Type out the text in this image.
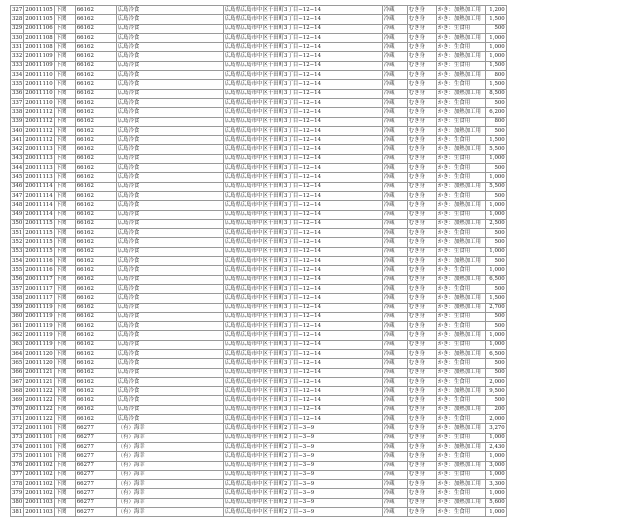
327	20011105	下関	66162	広島冷食	広島県広島市中区千田町3丁目−12−14	冷蔵	むき身	かき：加熱加工用	1,200
328	20011105	下関	66162	広島冷食	広島県広島市中区千田町3丁目−12−14	冷蔵	むき身	かき：加熱加工用	1,500
329	20011106	下関	66162	広島冷食	広島県広島市中区千田町3丁目−12−14	冷蔵	むき身	かき：生食用	500
330	20011108	下関	66162	広島冷食	広島県広島市中区千田町3丁目−12−14	冷蔵	むき身	かき：加熱加工用	1,000
331	20011108	下関	66162	広島冷食	広島県広島市中区千田町3丁目−12−14	冷蔵	むき身	かき：生食用	1,000
332	20011109	下関	66162	広島冷食	広島県広島市中区千田町3丁目−12−14	冷蔵	むき身	かき：加熱加工用	1,000
333	20011109	下関	66162	広島冷食	広島県広島市中区千田町3丁目−12−14	冷蔵	むき身	かき：生食用	1,500
334	20011110	下関	66162	広島冷食	広島県広島市中区千田町3丁目−12−14	冷蔵	むき身	かき：加熱加工用	800
335	20011110	下関	66162	広島冷食	広島県広島市中区千田町3丁目−12−14	冷蔵	むき身	かき：生食用	1,500
336	20011110	下関	66162	広島冷食	広島県広島市中区千田町3丁目−12−14	冷蔵	むき身	かき：加熱加工用	8,500
337	20011110	下関	66162	広島冷食	広島県広島市中区千田町3丁目−12−14	冷蔵	むき身	かき：生食用	500
338	20011112	下関	66162	広島冷食	広島県広島市中区千田町3丁目−12−14	冷蔵	むき身	かき：加熱加工用	6,200
339	20011112	下関	66162	広島冷食	広島県広島市中区千田町3丁目−12−14	冷蔵	むき身	かき：生食用	800
340	20011112	下関	66162	広島冷食	広島県広島市中区千田町3丁目−12−14	冷蔵	むき身	かき：加熱加工用	500
341	20011112	下関	66162	広島冷食	広島県広島市中区千田町3丁目−12−14	冷蔵	むき身	かき：生食用	1,500
342	20011113	下関	66162	広島冷食	広島県広島市中区千田町3丁目−12−14	冷蔵	むき身	かき：加熱加工用	5,500
343	20011113	下関	66162	広島冷食	広島県広島市中区千田町3丁目−12−14	冷蔵	むき身	かき：生食用	1,000
344	20011113	下関	66162	広島冷食	広島県広島市中区千田町3丁目−12−14	冷蔵	むき身	かき：生食用	500
345	20011113	下関	66162	広島冷食	広島県広島市中区千田町3丁目−12−14	冷蔵	むき身	かき：生食用	1,000
346	20011114	下関	66162	広島冷食	広島県広島市中区千田町3丁目−12−14	冷蔵	むき身	かき：加熱加工用	5,500
347	20011114	下関	66162	広島冷食	広島県広島市中区千田町3丁目−12−14	冷蔵	むき身	かき：生食用	500
348	20011114	下関	66162	広島冷食	広島県広島市中区千田町3丁目−12−14	冷蔵	むき身	かき：加熱加工用	1,000
349	20011114	下関	66162	広島冷食	広島県広島市中区千田町3丁目−12−14	冷蔵	むき身	かき：生食用	1,000
350	20011115	下関	66162	広島冷食	広島県広島市中区千田町3丁目−12−14	冷蔵	むき身	かき：加熱加工用	2,500
351	20011115	下関	66162	広島冷食	広島県広島市中区千田町3丁目−12−14	冷蔵	むき身	かき：生食用	500
352	20011115	下関	66162	広島冷食	広島県広島市中区千田町3丁目−12−14	冷蔵	むき身	かき：加熱加工用	500
353	20011115	下関	66162	広島冷食	広島県広島市中区千田町3丁目−12−14	冷蔵	むき身	かき：生食用	1,000
354	20011116	下関	66162	広島冷食	広島県広島市中区千田町3丁目−12−14	冷蔵	むき身	かき：加熱加工用	500
355	20011116	下関	66162	広島冷食	広島県広島市中区千田町3丁目−12−14	冷蔵	むき身	かき：生食用	1,000
356	20011117	下関	66162	広島冷食	広島県広島市中区千田町3丁目−12−14	冷蔵	むき身	かき：加熱加工用	6,500
357	20011117	下関	66162	広島冷食	広島県広島市中区千田町3丁目−12−14	冷蔵	むき身	かき：生食用	500
358	20011117	下関	66162	広島冷食	広島県広島市中区千田町3丁目−12−14	冷蔵	むき身	かき：加熱加工用	1,500
359	20011119	下関	66162	広島冷食	広島県広島市中区千田町3丁目−12−14	冷蔵	むき身	かき：加熱加工用	2,700
360	20011119	下関	66162	広島冷食	広島県広島市中区千田町3丁目−12−14	冷蔵	むき身	かき：生食用	500
361	20011119	下関	66162	広島冷食	広島県広島市中区千田町3丁目−12−14	冷蔵	むき身	かき：生食用	500
362	20011119	下関	66162	広島冷食	広島県広島市中区千田町3丁目−12−14	冷蔵	むき身	かき：加熱加工用	1,000
363	20011119	下関	66162	広島冷食	広島県広島市中区千田町3丁目−12−14	冷蔵	むき身	かき：生食用	1,000
364	20011120	下関	66162	広島冷食	広島県広島市中区千田町3丁目−12−14	冷蔵	むき身	かき：加熱加工用	6,500
365	20011120	下関	66162	広島冷食	広島県広島市中区千田町3丁目−12−14	冷蔵	むき身	かき：生食用	500
366	20011121	下関	66162	広島冷食	広島県広島市中区千田町3丁目−12−14	冷蔵	むき身	かき：加熱加工用	500
367	20011121	下関	66162	広島冷食	広島県広島市中区千田町3丁目−12−14	冷蔵	むき身	かき：生食用	2,000
368	20011122	下関	66162	広島冷食	広島県広島市中区千田町3丁目−12−14	冷蔵	むき身	かき：加熱加工用	9,500
369	20011122	下関	66162	広島冷食	広島県広島市中区千田町3丁目−12−14	冷蔵	むき身	かき：生食用	500
370	20011122	下関	66162	広島冷食	広島県広島市中区千田町3丁目−12−14	冷蔵	むき身	かき：加熱加工用	200
371	20011122	下関	66162	広島冷食	広島県広島市中区千田町3丁目−12−14	冷蔵	むき身	かき：生食用	2,000
372	20011101	下関	66277	（有）海幸	広島県広島市中区千田町2丁目−3−9	冷蔵	むき身	かき：加熱加工用	3,270
373	20011101	下関	66277	（有）海幸	広島県広島市中区千田町2丁目−3−9	冷蔵	むき身	かき：生食用	1,000
374	20011101	下関	66277	（有）海幸	広島県広島市中区千田町2丁目−3−9	冷蔵	むき身	かき：加熱加工用	2,430
375	20011101	下関	66277	（有）海幸	広島県広島市中区千田町2丁目−3−9	冷蔵	むき身	かき：生食用	1,000
376	20011102	下関	66277	（有）海幸	広島県広島市中区千田町2丁目−3−9	冷蔵	むき身	かき：加熱加工用	3,000
377	20011102	下関	66277	（有）海幸	広島県広島市中区千田町2丁目−3−9	冷蔵	むき身	かき：生食用	1,000
378	20011102	下関	66277	（有）海幸	広島県広島市中区千田町2丁目−3−9	冷蔵	むき身	かき：加熱加工用	3,300
379	20011102	下関	66277	（有）海幸	広島県広島市中区千田町2丁目−3−9	冷蔵	むき身	かき：生食用	1,000
380	20011103	下関	66277	（有）海幸	広島県広島市中区千田町2丁目−3−9	冷蔵	むき身	かき：加熱加工用	5,600
381	20011103	下関	66277	（有）海幸	広島県広島市中区千田町2丁目−3−9	冷蔵	むき身	かき：生食用	1,000
